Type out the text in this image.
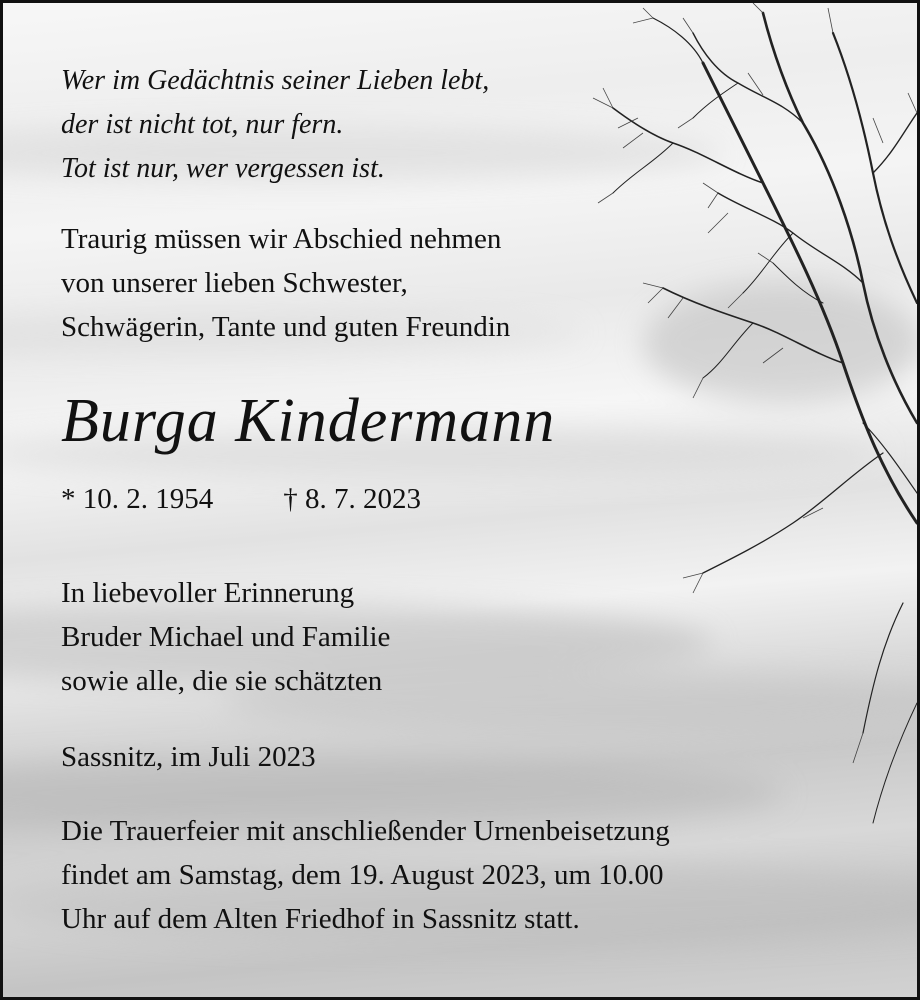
Wer im Gedächtnis seiner Lieben lebt,
der ist nicht tot, nur fern.
Tot ist nur, wer vergessen ist.
Traurig müssen wir Abschied nehmen
von unserer lieben Schwester,
Schwägerin, Tante und guten Freundin
Burga Kindermann
* 10. 2. 1954 † 8. 7. 2023
In liebevoller Erinnerung
Bruder Michael und Familie
sowie alle, die sie schätzten
Sassnitz, im Juli 2023
Die Trauerfeier mit anschließender Urnenbeisetzung
findet am Samstag, dem 19. August 2023, um 10.00
Uhr auf dem Alten Friedhof in Sassnitz statt.
